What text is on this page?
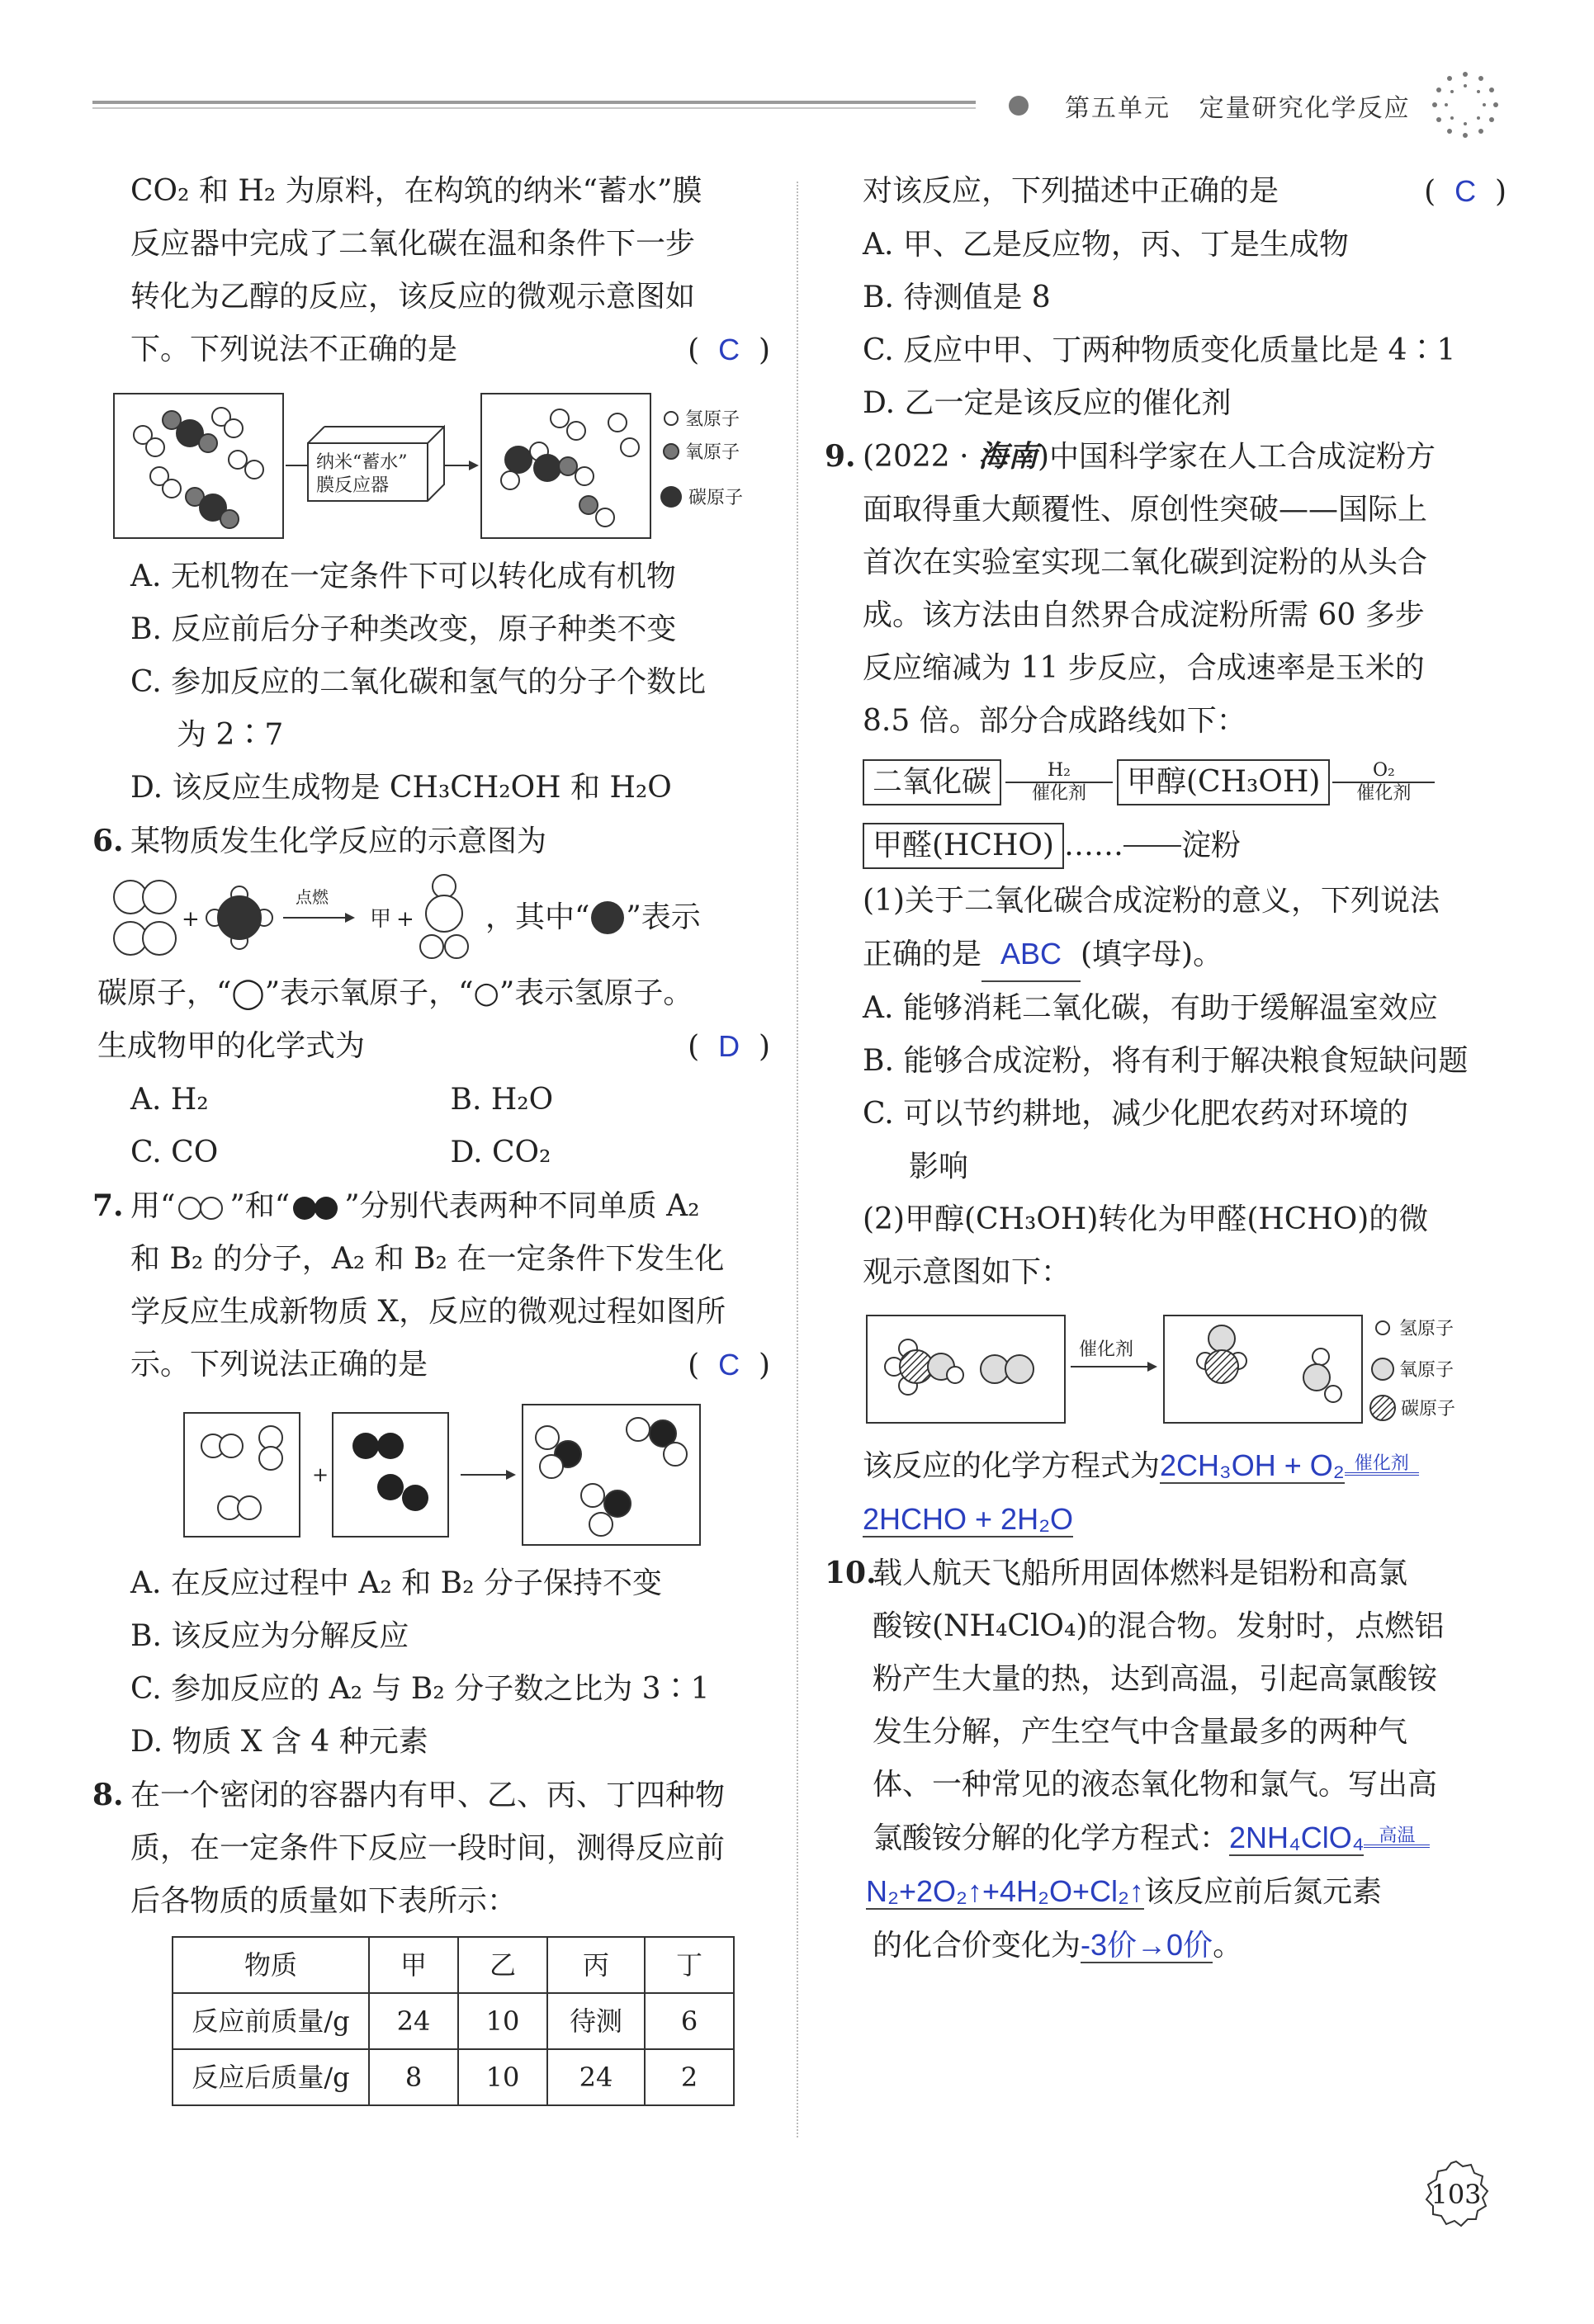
第五单元 定量研究化学反应

CO₂ 和 H₂ 为原料，在构筑的纳米“蓄水”膜

反应器中完成了二氧化碳在温和条件下一步

转化为乙醇的反应，该反应的微观示意图如

下。下列说法不正确的是	(  C  )
纳米“蓄水”
膜反应器
氢原子
氧原子
碳原子

A. 无机物在一定条件下可以转化成有机物

B. 反应前后分子种类改变，原子种类不变

C. 参加反应的二氧化碳和氢气的分子个数比

为 2∶7

D. 该反应生成物是 CH₃CH₂OH 和 H₂O

6. 某物质发生化学反应的示意图为

+
点燃
甲 + ，其中“ ”表示

碳原子，“◯”表示氧原子，“○”表示氢原子。

生成物甲的化学式为	(  D  )
A. H₂	B. H₂O
C. CO	D. CO₂

7. 用“ ”和“ ”分别代表两种不同单质 A₂

和 B₂ 的分子，A₂ 和 B₂ 在一定条件下发生化

学反应生成新物质 X，反应的微观过程如图所

示。下列说法正确的是	(  C  )
+

A. 在反应过程中 A₂ 和 B₂ 分子保持不变

B. 该反应为分解反应

C. 参加反应的 A₂ 与 B₂ 分子数之比为 3∶1

D. 物质 X 含 4 种元素

8. 在一个密闭的容器内有甲、乙、丙、丁四种物

质，在一定条件下反应一段时间，测得反应前

后各物质的质量如下表所示：

物质	甲	乙	丙	丁
反应前质量/g	24	10	待测	6
反应后质量/g	8	10	24	2
对该反应，下列描述中正确的是	(  C  )

A. 甲、乙是反应物，丙、丁是生成物

B. 待测值是 8

C. 反应中甲、丁两种物质变化质量比是 4∶1

D. 乙一定是该反应的催化剂

9. (2022 · 海南)中国科学家在人工合成淀粉方

面取得重大颠覆性、原创性突破——国际上

首次在实验室实现二氧化碳到淀粉的从头合

成。该方法由自然界合成淀粉所需 60 多步

反应缩减为 11 步反应，合成速率是玉米的

8.5 倍。部分合成路线如下：

二氧化碳	H₂
催化剂	甲醇(CH₃OH)	O₂
催化剂
甲醛(HCHO) …… 淀粉

(1)关于二氧化碳合成淀粉的意义，下列说法

正确的是 ABC (填字母)。

A. 能够消耗二氧化碳，有助于缓解温室效应

B. 能够合成淀粉，将有利于解决粮食短缺问题

C. 可以节约耕地，减少化肥农药对环境的

影响

(2)甲醇(CH₃OH)转化为甲醛(HCHO)的微

观示意图如下：

催化剂
氢原子
氧原子
碳原子

该反应的化学方程式为2CH₃OH + O₂ 催化剂

2HCHO + 2H₂O

10.载人航天飞船所用固体燃料是铝粉和高氯

酸铵(NH₄ClO₄)的混合物。发射时，点燃铝

粉产生大量的热，达到高温，引起高氯酸铵

发生分解，产生空气中含量最多的两种气

体、一种常见的液态氧化物和氯气。写出高

氯酸铵分解的化学方程式：2NH₄ClO₄ 高温

N₂+2O₂↑+4H₂O+Cl₂↑该反应前后氮元素

的化合价变化为-3价→0价。

103
